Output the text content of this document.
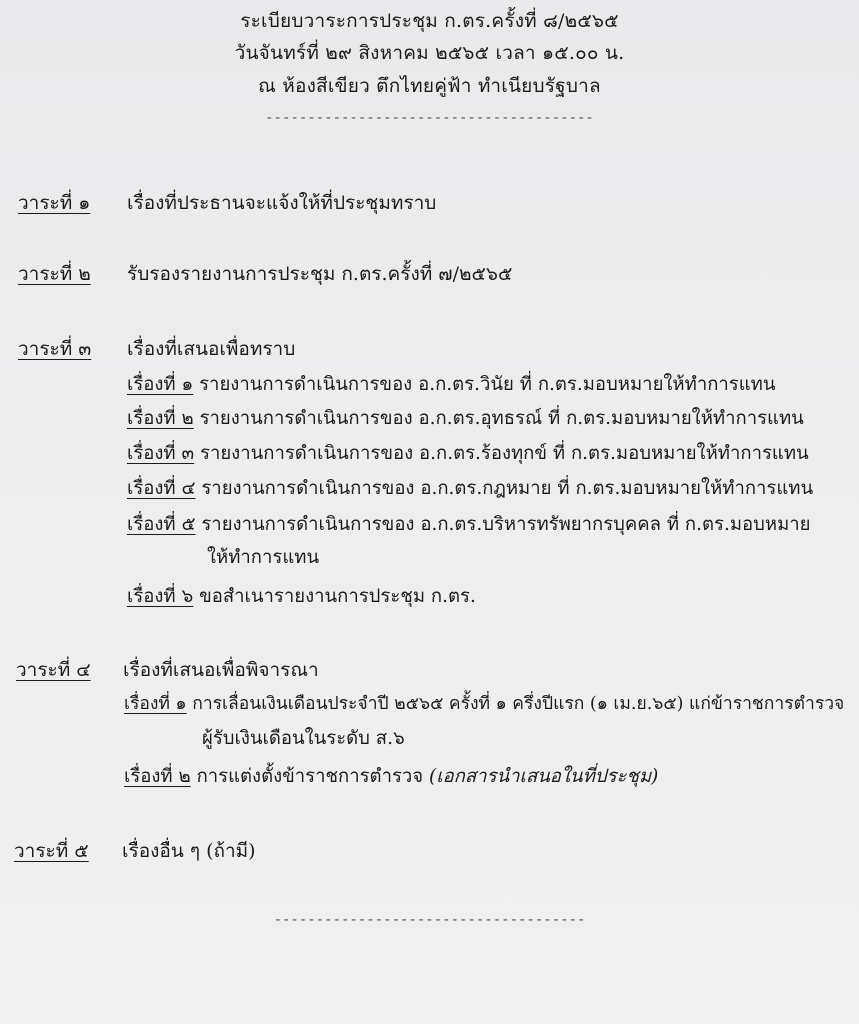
ระเบียบวาระการประชุม ก.ตร.ครั้งที่ ๘/๒๕๖๕
วันจันทร์ที่ ๒๙ สิงหาคม ๒๕๖๕ เวลา ๑๕.๐๐ น.
ณ ห้องสีเขียว ตึกไทยคู่ฟ้า ทำเนียบรัฐบาล
---------------------------------------
วาระที่ ๑ เรื่องที่ประธานจะแจ้งให้ที่ประชุมทราบ
วาระที่ ๒ รับรองรายงานการประชุม ก.ตร.ครั้งที่ ๗/๒๕๖๕
วาระที่ ๓ เรื่องที่เสนอเพื่อทราบ
เรื่องที่ ๑ รายงานการดำเนินการของ อ.ก.ตร.วินัย ที่ ก.ตร.มอบหมายให้ทำการแทน
เรื่องที่ ๒ รายงานการดำเนินการของ อ.ก.ตร.อุทธรณ์ ที่ ก.ตร.มอบหมายให้ทำการแทน
เรื่องที่ ๓ รายงานการดำเนินการของ อ.ก.ตร.ร้องทุกข์ ที่ ก.ตร.มอบหมายให้ทำการแทน
เรื่องที่ ๔ รายงานการดำเนินการของ อ.ก.ตร.กฎหมาย ที่ ก.ตร.มอบหมายให้ทำการแทน
เรื่องที่ ๕ รายงานการดำเนินการของ อ.ก.ตร.บริหารทรัพยากรบุคคล ที่ ก.ตร.มอบหมาย
ให้ทำการแทน
เรื่องที่ ๖ ขอสำเนารายงานการประชุม ก.ตร.
วาระที่ ๔ เรื่องที่เสนอเพื่อพิจารณา
เรื่องที่ ๑ การเลื่อนเงินเดือนประจำปี ๒๕๖๕ ครั้งที่ ๑ ครึ่งปีแรก (๑ เม.ย.๖๕) แก่ข้าราชการตำรวจ
ผู้รับเงินเดือนในระดับ ส.๖
เรื่องที่ ๒ การแต่งตั้งข้าราชการตำรวจ (เอกสารนำเสนอในที่ประชุม)
วาระที่ ๕ เรื่องอื่น ๆ (ถ้ามี)
-------------------------------------
